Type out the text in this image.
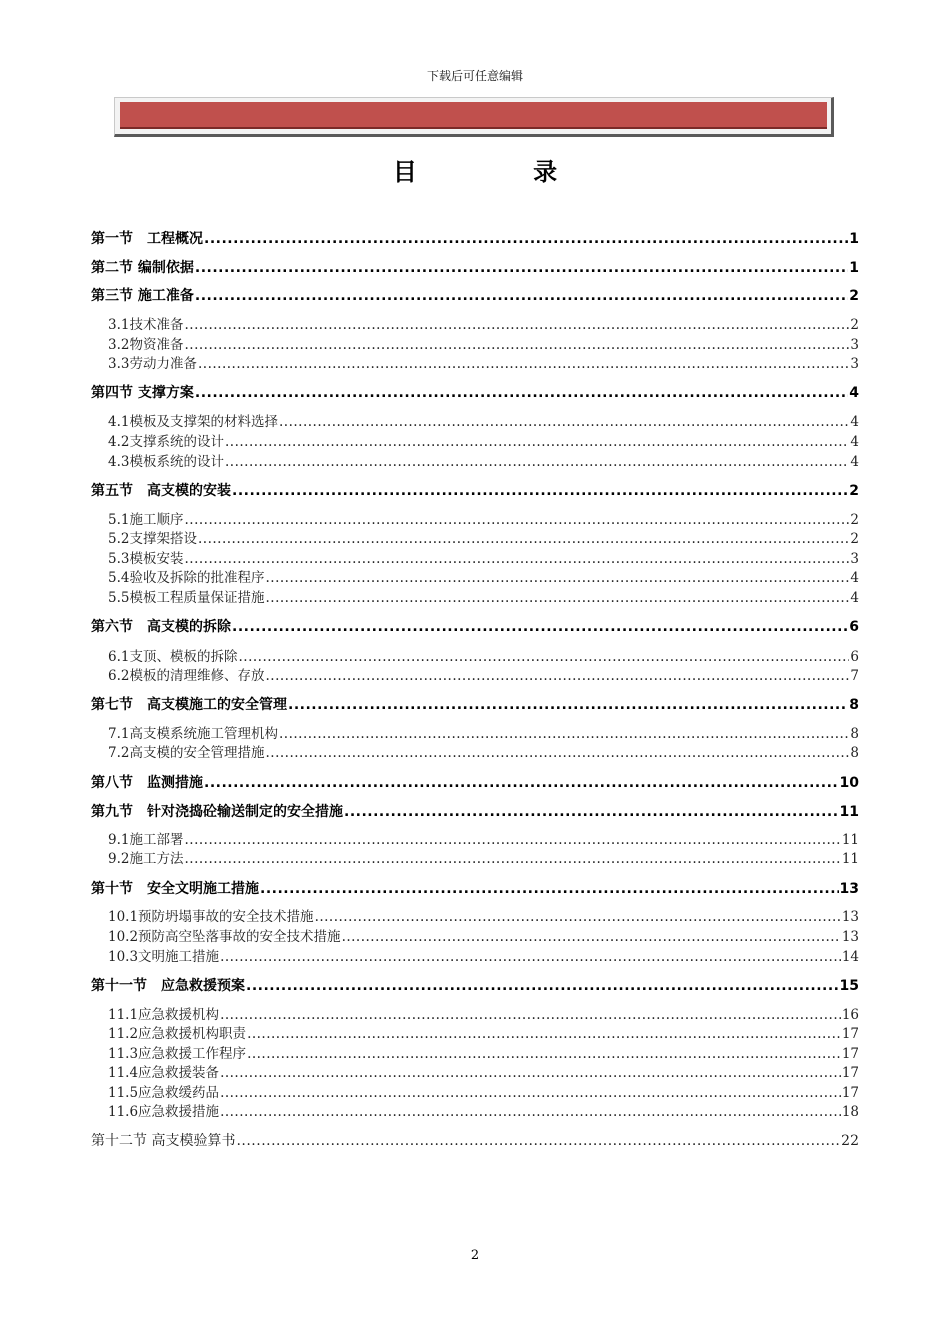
下载后可任意编辑
目 录
第一节　工程概况 .....	1
第二节 编制依据 .....	1
第三节 施工准备 .....	2
3.1技术准备 .....	2
3.2物资准备 .....	3
3.3劳动力准备 .....	3
第四节 支撑方案 .....	4
4.1模板及支撑架的材料选择 .....	4
4.2支撑系统的设计 .....	4
4.3模板系统的设计 .....	4
第五节　高支模的安装 .....	2
5.1施工顺序 .....	2
5.2支撑架搭设 .....	2
5.3模板安装 .....	3
5.4验收及拆除的批准程序 .....	4
5.5模板工程质量保证措施 .....	4
第六节　高支模的拆除 .....	6
6.1支顶、模板的拆除 .....	6
6.2模板的清理维修、存放 .....	7
第七节　高支模施工的安全管理 .....	8
7.1高支模系统施工管理机构 .....	8
7.2高支模的安全管理措施 .....	8
第八节　监测措施 .....	10
第九节　针对浇捣砼输送制定的安全措施 .....	11
9.1施工部署 .....	11
9.2施工方法 .....	11
第十节　安全文明施工措施 .....	13
10.1预防坍塌事故的安全技术措施 .....	13
10.2预防高空坠落事故的安全技术措施 .....	13
10.3文明施工措施 .....	14
第十一节　应急救援预案 .....	15
11.1应急救援机构 .....	16
11.2应急救援机构职责 .....	17
11.3应急救援工作程序 .....	17
11.4应急救援装备 .....	17
11.5应急救缓药品 .....	17
11.6应急救援措施 .....	18
第十二节 高支模验算书 .....	22
2
